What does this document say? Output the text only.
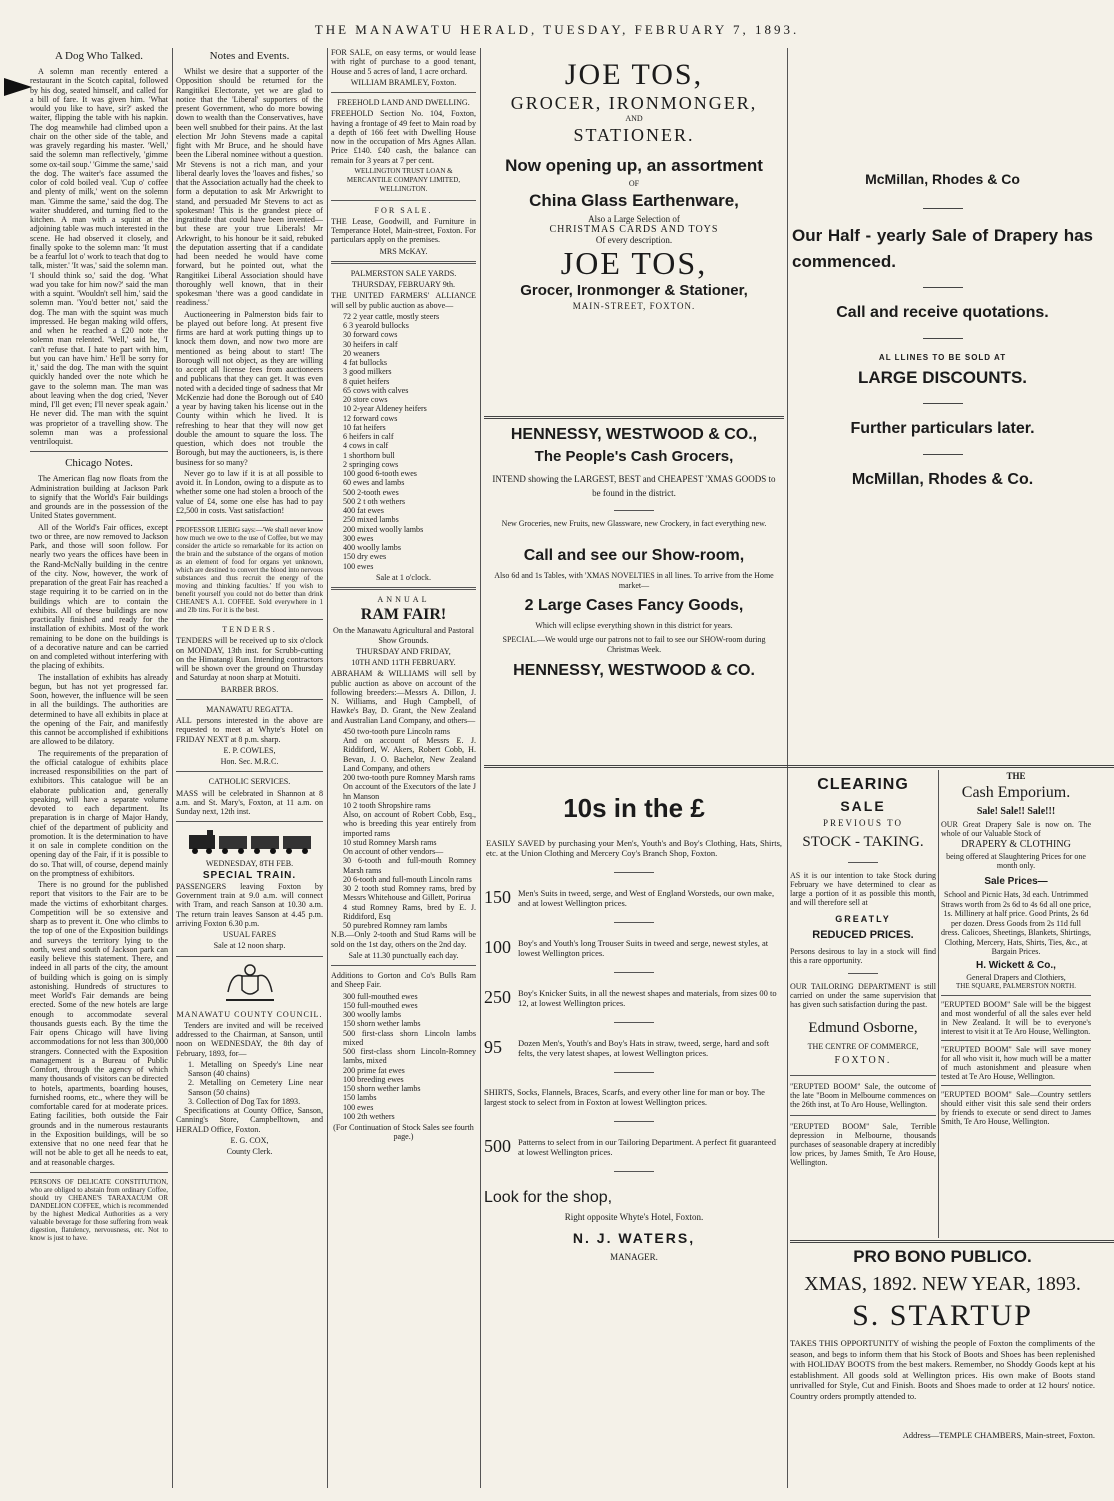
THE MANAWATU HERALD, TUESDAY, FEBRUARY 7, 1893.
A Dog Who Talked.

A solemn man recently entered a restaurant in the Scotch capital, followed by his dog, seated himself, and called for a bill of fare. It was given him. 'What would you like to have, sir?' asked the waiter, flipping the table with his napkin. The dog meanwhile had climbed upon a chair on the other side of the table, and was gravely regarding his master. 'Well,' said the solemn man reflectively, 'gimme some ox-tail soup.' 'Gimme the same,' said the dog. The waiter's face assumed the color of cold boiled veal. 'Cup o' coffee and plenty of milk,' went on the solemn man. 'Gimme the same,' said the dog. The waiter shuddered, and turning fled to the kitchen. A man with a squint at the adjoining table was much interested in the scene. He had observed it closely, and finally spoke to the solemn man: 'It must be a fearful lot o' work to teach that dog to talk, mister.' 'It was,' said the solemn man. 'I should think so,' said the dog. 'What wad you take for him now?' said the man with a squint. 'Wouldn't sell him,' said the solemn man. 'You'd better not,' said the dog. The man with the squint was much impressed. He began making wild offers, and when he reached a £20 note the solemn man relented. 'Well,' said he, 'I can't refuse that. I hate to part with him, but you can have him.' He'll be sorry for it,' said the dog. The man with the squint quickly handed over the note which he gave to the solemn man. The man was about leaving when the dog cried, 'Never mind, I'll get even; I'll never speak again.' He never did. The man with the squint was proprietor of a travelling show. The solemn man was a professional ventriloquist.

Chicago Notes.

The American flag now floats from the Administration building at Jackson Park to signify that the World's Fair buildings and grounds are in the possession of the United States government.

All of the World's Fair offices, except two or three, are now removed to Jackson Park, and those will soon follow. For nearly two years the offices have been in the Rand-McNally building in the centre of the city. Now, however, the work of preparation of the great Fair has reached a stage requiring it to be carried on in the buildings which are to contain the exhibits. All of these buildings are now practically finished and ready for the installation of exhibits. Most of the work remaining to be done on the buildings is of a decorative nature and can be carried on and completed without interfering with the placing of exhibits.

The installation of exhibits has already begun, but has not yet progressed far. Soon, however, the influence will be seen in all the buildings. The authorities are determined to have all exhibits in place at the opening of the Fair, and manifestly this cannot be accomplished if exhibitions are allowed to be dilatory.

The requirements of the preparation of the official catalogue of exhibits place increased responsibilities on the part of exhibitors. This catalogue will be an elaborate publication and, generally speaking, will have a separate volume devoted to each department. Its preparation is in charge of Major Handy, chief of the department of publicity and promotion. It is the determination to have it on sale in complete condition on the opening day of the Fair, if it is possible to do so. That will, of course, depend mainly on the promptness of exhibitors.

There is no ground for the published report that visitors to the Fair are to be made the victims of exhorbitant charges. Competition will be so extensive and sharp as to prevent it. One who climbs to the top of one of the Exposition buildings and surveys the territory lying to the north, west and south of Jackson park can easily believe this statement. There, and indeed in all parts of the city, the amount of building which is going on is simply astonishing. Hundreds of structures to meet World's Fair demands are being erected. Some of the new hotels are large enough to accommodate several thousands guests each. By the time the Fair opens Chicago will have living accommodations for not less than 300,000 strangers. Connected with the Exposition management is a Bureau of Public Comfort, through the agency of which many thousands of visitors can be directed to hotels, apartments, boarding houses, furnished rooms, etc., where they will be comfortable cared for at moderate prices. Eating facilities, both outside the Fair grounds and in the numerous restaurants in the Exposition buildings, will be so extensive that no one need fear that he will not be able to get all he needs to eat, and at reasonable charges.

PERSONS OF DELICATE CONSTITUTION, who are obliged to abstain from ordinary Coffee, should try CHEANE'S TARAXACUM OR DANDELION COFFEE, which is recommended by the highest Medical Authorities as a very valuable beverage for those suffering from weak digestion, flatulency, nervousness, etc. Not to know is just to have.

Notes and Events.

Whilst we desire that a supporter of the Opposition should be returned for the Rangitikei Electorate, yet we are glad to notice that the 'Liberal' supporters of the present Government, who do more bowing down to wealth than the Conservatives, have been well snubbed for their pains. At the last election Mr John Stevens made a capital fight with Mr Bruce, and he should have been the Liberal nominee without a question. Mr Stevens is not a rich man, and your liberal dearly loves the 'loaves and fishes,' so that the Association actually had the cheek to form a deputation to ask Mr Arkwright to stand, and persuaded Mr Stevens to act as spokesman! This is the grandest piece of ingratitude that could have been invented—but these are your true Liberals! Mr Arkwright, to his honour be it said, rebuked the deputation asserting that if a candidate had been needed he would have come forward, but he pointed out, what the Rangitikei Liberal Association should have thoroughly well known, that in their spokesman 'there was a good candidate in readiness.'

Auctioneering in Palmerston bids fair to be played out before long. At present five firms are hard at work putting things up to knock them down, and now two more are mentioned as being about to start! The Borough will not object, as they are willing to accept all license fees from auctioneers and publicans that they can get. It was even noted with a decided tinge of sadness that Mr McKenzie had done the Borough out of £40 a year by having taken his license out in the County within which he lived. It is refreshing to hear that they will now get double the amount to square the loss. The question, which does not trouble the Borough, but may the auctioneers, is, is there business for so many?

Never go to law if it is at all possible to avoid it. In London, owing to a dispute as to whether some one had stolen a brooch of the value of £4, some one else has had to pay £2,500 in costs. Vast satisfaction!

PROFESSOR LIEBIG says:—'We shall never know how much we owe to the use of Coffee, but we may consider the article so remarkable for its action on the brain and the substance of the organs of motion as an element of food for organs yet unknown, which are destined to convert the blood into nervous substances and thus recruit the energy of the moving and thinking faculties.' If you wish to benefit yourself you could not do better than drink CHEANE'S A.1. COFFEE. Sold everywhere in 1 and 2lb tins. For it is the best.

TENDERS.

TENDERS will be received up to six o'clock on MONDAY, 13th inst. for Scrubb-cutting on the Himatangi Run. Intending contractors will be shown over the ground on Thursday and Saturday at noon sharp at Motuiti.

BARBER BROS.
MANAWATU REGATTA.

ALL persons interested in the above are requested to meet at Whyte's Hotel on FRIDAY NEXT at 8 p.m. sharp.

E. P. COWLES,
Hon. Sec. M.R.C.
CATHOLIC SERVICES.

MASS will be celebrated in Shannon at 8 a.m. and St. Mary's, Foxton, at 11 a.m. on Sunday next, 12th inst.

WEDNESDAY, 8TH FEB.
SPECIAL TRAIN.

PASSENGERS leaving Foxton by Government train at 9.0 a.m. will connect with Tram, and reach Sanson at 10.30 a.m. The return train leaves Sanson at 4.45 p.m. arriving Foxton 6.30 p.m.

USUAL FARES
Sale at 12 noon sharp.
MANAWATU COUNTY COUNCIL.

Tenders are invited and will be received addressed to the Chairman, at Sanson, until noon on WEDNESDAY, the 8th day of February, 1893, for—

1. Metalling on Speedy's Line near Sanson (40 chains)
2. Metalling on Cemetery Line near Sanson (50 chains)
3. Collection of Dog Tax for 1893.

Specifications at County Office, Sanson, Canning's Store, Campbelltown, and HERALD Office, Foxton.

E. G. COX,
County Clerk.

FOR SALE, on easy terms, or would lease with right of purchase to a good tenant, House and 5 acres of land, 1 acre orchard.

WILLIAM BRAMLEY, Foxton.
FREEHOLD LAND AND DWELLING.

FREEHOLD Section No. 104, Foxton, having a frontage of 49 feet to Main road by a depth of 166 feet with Dwelling House now in the occupation of Mrs Agnes Allan. Price £140. £40 cash, the balance can remain for 3 years at 7 per cent.

WELLINGTON TRUST LOAN & MERCANTILE COMPANY LIMITED, WELLINGTON.
FOR SALE.

THE Lease, Goodwill, and Furniture in Temperance Hotel, Main-street, Foxton. For particulars apply on the premises.

MRS McKAY.
PALMERSTON SALE YARDS.
THURSDAY, FEBRUARY 9th.

THE UNITED FARMERS' ALLIANCE will sell by public auction as above—

72 2 year cattle, mostly steers
6 3 yearold bullocks
30 forward cows
30 heifers in calf
20 weaners
4 fat bullocks
3 good milkers
8 quiet heifers
65 cows with calves
20 store cows
10 2-year Aldeney heifers
12 forward cows
10 fat heifers
6 heifers in calf
4 cows in calf
1 shorthorn bull
2 springing cows
100 good 6-tooth ewes
60 ewes and lambs
500 2-tooth ewes
500 2 t oth wethers
400 fat ewes
250 mixed lambs
200 mixed woolly lambs
300 ewes
400 woolly lambs
150 dry ewes
100 ewes
Sale at 1 o'clock.
ANNUAL
RAM FAIR!
On the Manawatu Agricultural and Pastoral Show Grounds.
THURSDAY AND FRIDAY,
10TH AND 11TH FEBRUARY.

ABRAHAM & WILLIAMS will sell by public auction as above on account of the following breeders:—Messrs A. Dillon, J. N. Williams, and Hugh Campbell, of Hawke's Bay, D. Grant, the New Zealand and Australian Land Company, and others—

450 two-tooth pure Lincoln rams
And on account of Messrs E. J. Riddiford, W. Akers, Robert Cobb, H. Bevan, J. O. Bachelor, New Zealand Land Company, and others
200 two-tooth pure Romney Marsh rams
On account of the Executors of the late J hn Manson
10 2 tooth Shropshire rams
Also, on account of Robert Cobb, Esq., who is breeding this year entirely from imported rams
10 stud Romney Marsh rams
On account of other vendors—
30 6-tooth and full-mouth Romney Marsh rams
20 6-tooth and full-mouth Lincoln rams
30 2 tooth stud Romney rams, bred by Messrs Whitehouse and Gillett, Porirua
4 stud Romney Rams, bred by E. J. Riddiford, Esq
50 purebred Romney ram lambs

N.B.—Only 2-tooth and Stud Rams will be sold on the 1st day, others on the 2nd day.

Sale at 11.30 punctually each day.

Additions to Gorton and Co's Bulls Ram and Sheep Fair.

300 full-mouthed ewes
150 full-mouthed ewes
300 woolly lambs
150 shorn wether lambs
500 first-class shorn Lincoln lambs mixed
500 first-class shorn Lincoln-Romney lambs, mixed
200 prime fat ewes
100 breeding ewes
150 shorn wether lambs
150 lambs
100 ewes
100 2th wethers
(For Continuation of Stock Sales see fourth page.)
JOE TOS,
GROCER, IRONMONGER,
AND
STATIONER.
Now opening up, an assortment
OF
China Glass Earthenware,
Also a Large Selection of
CHRISTMAS CARDS AND TOYS
Of every description.
JOE TOS,
Grocer, Ironmonger & Stationer,
MAIN-STREET, FOXTON.
HENNESSY, WESTWOOD & CO.,
The People's Cash Grocers,
INTEND showing the LARGEST, BEST and CHEAPEST 'XMAS GOODS to be found in the district.
New Groceries, new Fruits, new Glassware, new Crockery, in fact everything new.
Call and see our Show-room,
Also 6d and 1s Tables, with 'XMAS NOVELTIES in all lines. To arrive from the Home market—
2 Large Cases Fancy Goods,
Which will eclipse everything shown in this district for years.
SPECIAL.—We would urge our patrons not to fail to see our SHOW-room during Christmas Week.
HENNESSY, WESTWOOD & CO.
McMillan, Rhodes & Co
Our Half - yearly Sale of Drapery has commenced.
Call and receive quotations.
AL LLINES TO BE SOLD AT
LARGE DISCOUNTS.
Further particulars later.
McMillan, Rhodes & Co.
10s in the £
EASILY SAVED by purchasing your Men's, Youth's and Boy's Clothing, Hats, Shirts, etc. at the Union Clothing and Mercery Coy's Branch Shop, Foxton.
150 Men's Suits in tweed, serge, and West of England Worsteds, our own make, and at lowest Wellington prices.
100 Boy's and Youth's long Trouser Suits in tweed and serge, newest styles, at lowest Wellington prices.
250 Boy's Knicker Suits, in all the newest shapes and materials, from sizes 00 to 12, at lowest Wellington prices.
95	Dozen Men's, Youth's and Boy's Hats in straw, tweed, serge, hard and soft felts, the very latest shapes, at lowest Wellington prices.
SHIRTS, Socks, Flannels, Braces, Scarfs, and every other line for man or boy. The largest stock to select from in Foxton at lowest Wellington prices.
500 Patterns to select from in our Tailoring Department. A perfect fit guaranteed at lowest Wellington prices.
Look for the shop,
Right opposite Whyte's Hotel, Foxton.
N. J. WATERS,
MANAGER.
CLEARING
SALE
PREVIOUS TO
STOCK - TAKING.
AS it is our intention to take Stock during February we have determined to clear as large a portion of it as possible this month, and will therefore sell at
GREATLY
REDUCED PRICES.
Persons desirous to lay in a stock will find this a rare opportunity.
OUR TAILORING DEPARTMENT is still carried on under the same supervision that has given such satisfaction during the past.
Edmund Osborne,
THE CENTRE OF COMMERCE,
FOXTON.
"ERUPTED BOOM" Sale, the outcome of the late "Boom in Melbourne commences on the 26th inst, at To Aro House, Wellington.
"ERUPTED BOOM" Sale, Terrible depression in Melbourne, thousands purchases of seasonable drapery at incredibly low prices, by James Smith, Te Aro House, Wellington.
THE
Cash Emporium.
Sale! Sale!! Sale!!!
OUR Great Drapery Sale is now on. The whole of our Valuable Stock of
DRAPERY & CLOTHING
being offered at Slaughtering Prices for one month only.
Sale Prices—
School and Picnic Hats, 3d each. Untrimmed Straws worth from 2s 6d to 4s 6d all one price, 1s. Millinery at half price. Good Prints, 2s 6d per dozen. Dress Goods from 2s 11d full dress. Calicoes, Sheetings, Blankets, Shirtings, Clothing, Mercery, Hats, Shirts, Ties, &c., at Bargain Prices.
H. Wickett & Co.,
General Drapers and Clothiers,
THE SQUARE, PALMERSTON NORTH.
"ERUPTED BOOM" Sale will be the biggest and most wonderful of all the sales ever held in New Zealand. It will be to everyone's interest to visit it at Te Aro House, Wellington.
"ERUPTED BOOM" Sale will save money for all who visit it, how much will be a matter of much astonishment and pleasure when tested at Te Aro House, Wellington.
"ERUPTED BOOM" Sale—Country settlers should either visit this sale send their orders by friends to execute or send direct to James Smith, Te Aro House, Wellington.
PRO BONO PUBLICO.
XMAS, 1892. NEW YEAR, 1893.
S. STARTUP
TAKES THIS OPPORTUNITY of wishing the people of Foxton the compliments of the season, and begs to inform them that his Stock of Boots and Shoes has been replenished with HOLIDAY BOOTS from the best makers. Remember, no Shoddy Goods kept at his establishment. All goods sold at Wellington prices. His own make of Boots stand unrivalled for Style, Cut and Finish. Boots and Shoes made to order at 12 hours' notice. Country orders promptly attended to.
Address—TEMPLE CHAMBERS, Main-street, Foxton.
